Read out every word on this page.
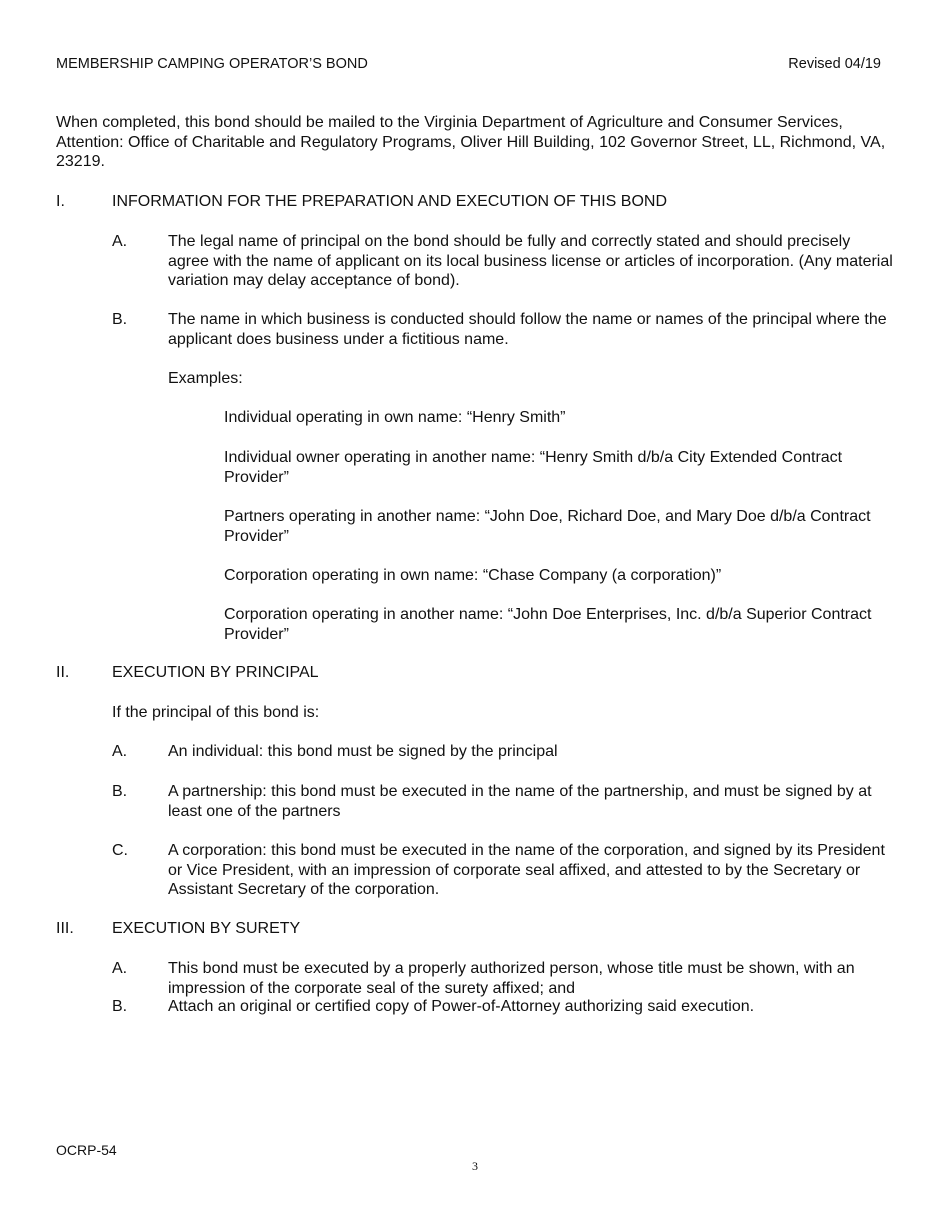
MEMBERSHIP CAMPING OPERATOR’S BOND	Revised 04/19

When completed, this bond should be mailed to the Virginia Department of Agriculture and Consumer Services, Attention: Office of Charitable and Regulatory Programs, Oliver Hill Building, 102 Governor Street, LL, Richmond, VA, 23219.

I.	INFORMATION FOR THE PREPARATION AND EXECUTION OF THIS BOND
A.	The legal name of principal on the bond should be fully and correctly stated and should precisely agree with the name of applicant on its local business license or articles of incorporation. (Any material variation may delay acceptance of bond).

B.	The name in which business is conducted should follow the name or names of the principal where the applicant does business under a fictitious name.

Examples:

Individual operating in own name: “Henry Smith”

Individual owner operating in another name: “Henry Smith d/b/a City Extended Contract Provider”

Partners operating in another name: “John Doe, Richard Doe, and Mary Doe d/b/a Contract Provider”

Corporation operating in own name: “Chase Company (a corporation)”

Corporation operating in another name: “John Doe Enterprises, Inc. d/b/a Superior Contract Provider”

II.	EXECUTION BY PRINCIPAL
If the principal of this bond is:
A.	An individual: this bond must be signed by the principal

B.	A partnership: this bond must be executed in the name of the partnership, and must be signed by at least one of the partners

C.	A corporation: this bond must be executed in the name of the corporation, and signed by its President or Vice President, with an impression of corporate seal affixed, and attested to by the Secretary or Assistant Secretary of the corporation.

III. EXECUTION BY SURETY
A.	This bond must be executed by a properly authorized person, whose title must be shown, with an impression of the corporate seal of the surety affixed; and

B.	Attach an original or certified copy of Power-of-Attorney authorizing said execution.

OCRP-54
3
